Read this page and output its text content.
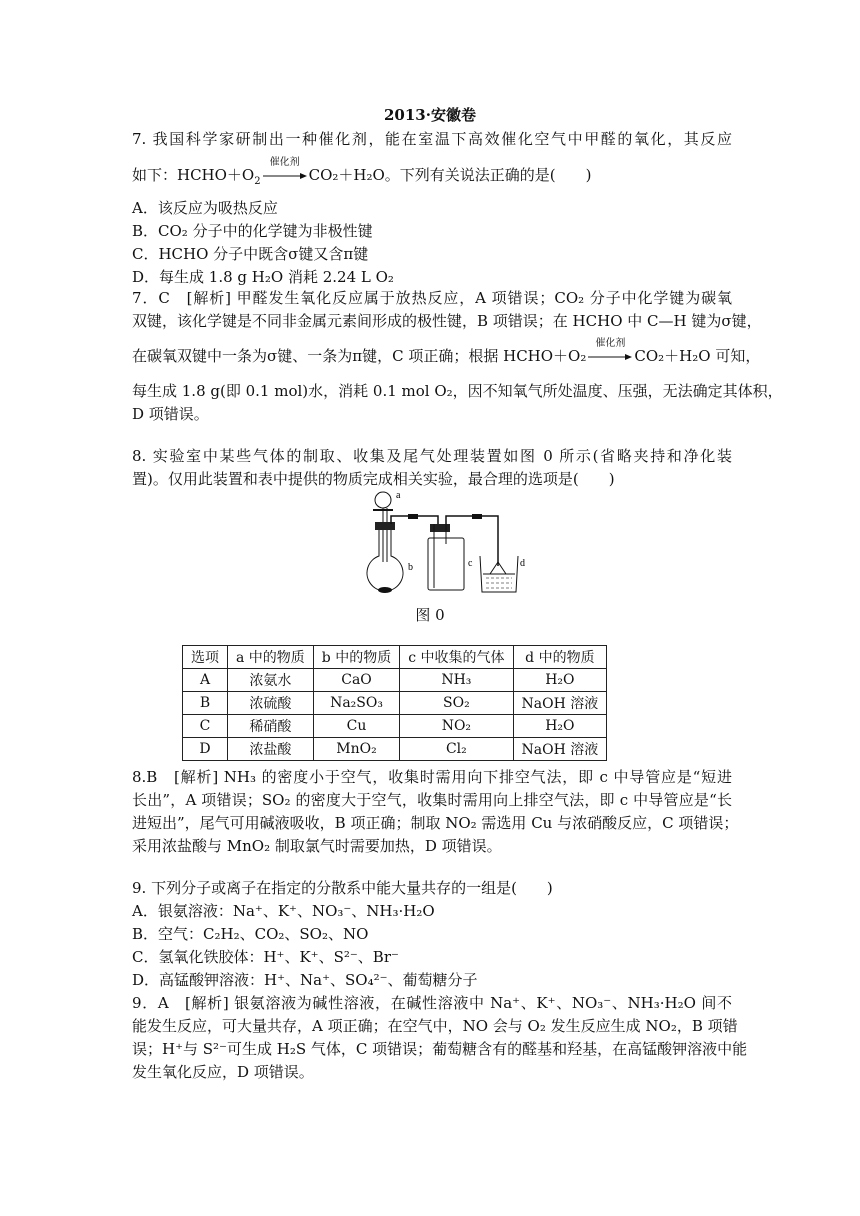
2013·安徽卷
7. 我国科学家研制出一种催化剂，能在室温下高效催化空气中甲醛的氧化，其反应
如下：$HCHO+O_2$
催化剂
CO₂＋H₂O。下列有关说法正确的是(　　)
A．该反应为吸热反应
B．CO₂ 分子中的化学键为非极性键
C．HCHO 分子中既含σ键又含π键
D．每生成 1.8 g H₂O 消耗 2.24 L O₂
7．C　[解析] 甲醛发生氧化反应属于放热反应，A 项错误；CO₂ 分子中化学键为碳氧
双键，该化学键是不同非金属元素间形成的极性键，B 项错误；在 HCHO 中 C—H 键为σ键，
在碳氧双键中一条为σ键、一条为π键，C 项正确；根据 HCHO＋O₂
催化剂
CO₂＋H₂O 可知，
每生成 1.8 g(即 0.1 mol)水，消耗 0.1 mol O₂，因不知氧气所处温度、压强，无法确定其体积，
D 项错误。
8. 实验室中某些气体的制取、收集及尾气处理装置如图 0 所示(省略夹持和净化装
置)。仅用此装置和表中提供的物质完成相关实验，最合理的选项是(　　)
a
b	c	d
图 0
选项	a 中的物质	b 中的物质	c 中收集的气体	d 中的物质
A	浓氨水	CaO	NH₃	H₂O
B	浓硫酸	Na₂SO₃	SO₂	NaOH 溶液
C	稀硝酸	Cu	NO₂	H₂O
D	浓盐酸	MnO₂	Cl₂	NaOH 溶液
8.B　[解析] NH₃ 的密度小于空气，收集时需用向下排空气法，即 c 中导管应是“短进
长出”，A 项错误；SO₂ 的密度大于空气，收集时需用向上排空气法，即 c 中导管应是“长
进短出”，尾气可用碱液吸收，B 项正确；制取 NO₂ 需选用 Cu 与浓硝酸反应，C 项错误；
采用浓盐酸与 MnO₂ 制取氯气时需要加热，D 项错误。
9. 下列分子或离子在指定的分散系中能大量共存的一组是(　　)
A．银氨溶液：Na⁺、K⁺、NO₃⁻、NH₃·H₂O
B．空气：C₂H₂、CO₂、SO₂、NO
C．氢氧化铁胶体：H⁺、K⁺、S²⁻、Br⁻
D．高锰酸钾溶液：H⁺、Na⁺、SO₄²⁻、葡萄糖分子
9．A　[解析] 银氨溶液为碱性溶液，在碱性溶液中 Na⁺、K⁺、NO₃⁻、NH₃·H₂O 间不
能发生反应，可大量共存，A 项正确；在空气中，NO 会与 O₂ 发生反应生成 NO₂，B 项错
误；H⁺与 S²⁻可生成 H₂S 气体，C 项错误；葡萄糖含有的醛基和羟基，在高锰酸钾溶液中能
发生氧化反应，D 项错误。
